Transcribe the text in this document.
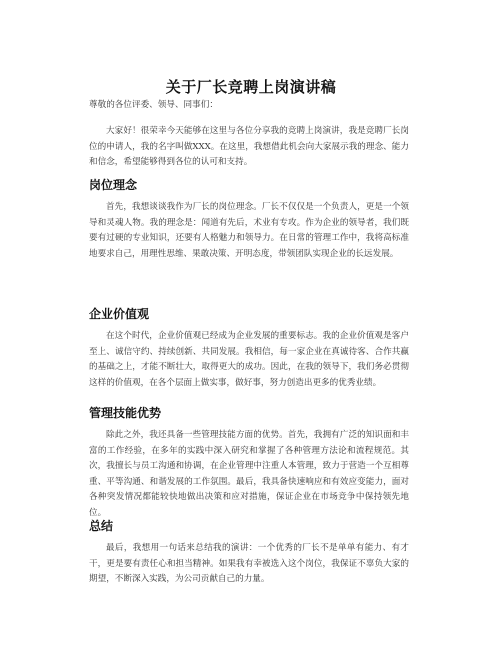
关于厂长竞聘上岗演讲稿

尊敬的各位评委、领导、同事们：

大家好！很荣幸今天能够在这里与各位分享我的竞聘上岗演讲，我是竞聘厂长岗位的申请人，我的名字叫做XXX。在这里，我想借此机会向大家展示我的理念、能力和信念，希望能够得到各位的认可和支持。

岗位理念

首先，我想谈谈我作为厂长的岗位理念。厂长不仅仅是一个负责人，更是一个领导和灵魂人物。我的理念是：闻道有先后，术业有专攻。作为企业的领导者，我们既要有过硬的专业知识，还要有人格魅力和领导力。在日常的管理工作中，我将高标准地要求自己，用理性思维、果敢决策、开明态度，带领团队实现企业的长远发展。

企业价值观

在这个时代，企业价值观已经成为企业发展的重要标志。我的企业价值观是客户至上、诚信守约、持续创新、共同发展。我相信，每一家企业在真诚待客、合作共赢的基础之上，才能不断壮大，取得更大的成功。因此，在我的领导下，我们务必贯彻这样的价值观，在各个层面上做实事，做好事，努力创造出更多的优秀业绩。

管理技能优势

除此之外，我还具备一些管理技能方面的优势。首先，我拥有广泛的知识面和丰富的工作经验，在多年的实践中深入研究和掌握了各种管理方法论和流程规范。其次，我擅长与员工沟通和协调，在企业管理中注重人本管理，致力于营造一个互相尊重、平等沟通、和谐发展的工作氛围。最后，我具备快速响应和有效应变能力，面对各种突发情况都能较快地做出决策和应对措施，保证企业在市场竞争中保持领先地位。

总结

最后，我想用一句话来总结我的演讲：一个优秀的厂长不是单单有能力、有才干，更是要有责任心和担当精神。如果我有幸被选入这个岗位，我保证不辜负大家的期望，不断深入实践，为公司贡献自己的力量。
